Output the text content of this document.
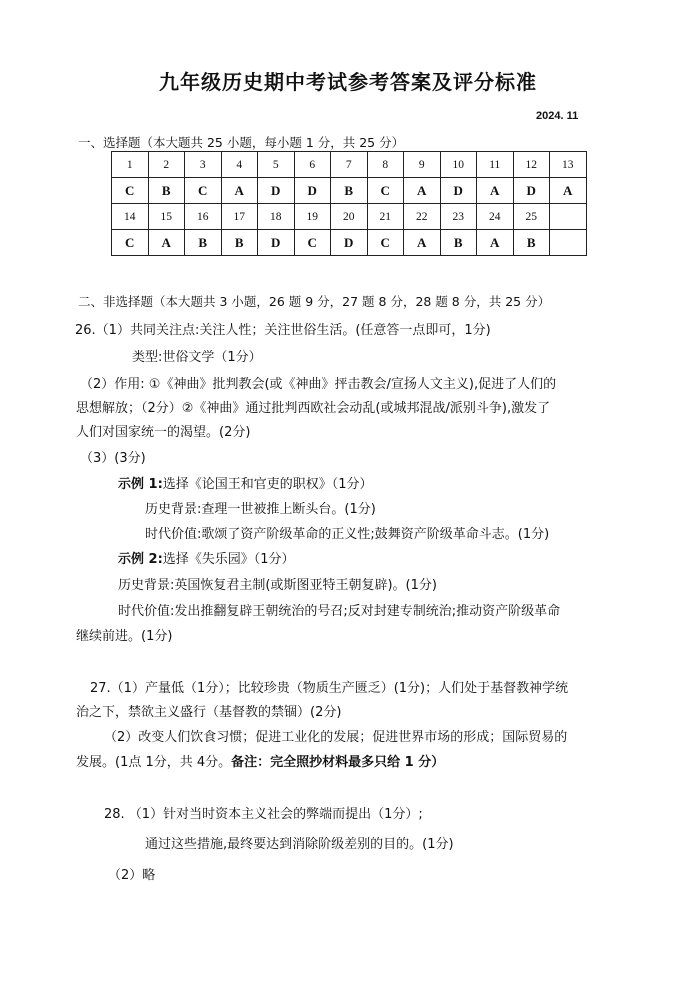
九年级历史期中考试参考答案及评分标准
2024. 11
一、选择题（本大题共 25 小题，每小题 1 分，共 25 分）
1	2	3	4	5	6	7	8	9	10	11	12	13
C	B	C	A	D	D	B	C	A	D	A	D	A
14	15	16	17	18	19	20	21	22	23	24	25	
C	A	B	B	D	C	D	C	A	B	A	B	
二、非选择题（本大题共 3 小题，26 题 9 分，27 题 8 分，28 题 8 分，共 25 分）
26.（1）共同关注点:关注人性；关注世俗生活。(任意答一点即可，1分)
类型:世俗文学（1分）
（2）作用: ①《神曲》批判教会(或《神曲》抨击教会/宣扬人文主义),促进了人们的
思想解放；（2分）②《神曲》通过批判西欧社会动乱(或城邦混战/派别斗争),激发了
人们对国家统一的渴望。(2分)
（3）(3分)
示例 1:选择《论国王和官吏的职权》（1分）
历史背景:查理一世被推上断头台。(1分)
时代价值:歌颂了资产阶级革命的正义性;鼓舞资产阶级革命斗志。(1分)
示例 2:选择《失乐园》（1分）
历史背景:英国恢复君主制(或斯图亚特王朝复辟)。(1分)
时代价值:发出推翻复辟王朝统治的号召;反对封建专制统治;推动资产阶级革命
继续前进。(1分)
27.（1）产量低（1分）；比较珍贵（物质生产匮乏）(1分)；人们处于基督教神学统
治之下，禁欲主义盛行（基督教的禁锢）(2分)
（2）改变人们饮食习惯；促进工业化的发展；促进世界市场的形成；国际贸易的
发展。(1点 1分，共 4分。备注：完全照抄材料最多只给 1 分）
28. （1）针对当时资本主义社会的弊端而提出（1分）;
通过这些措施,最终要达到消除阶级差别的目的。(1分)
（2）略
